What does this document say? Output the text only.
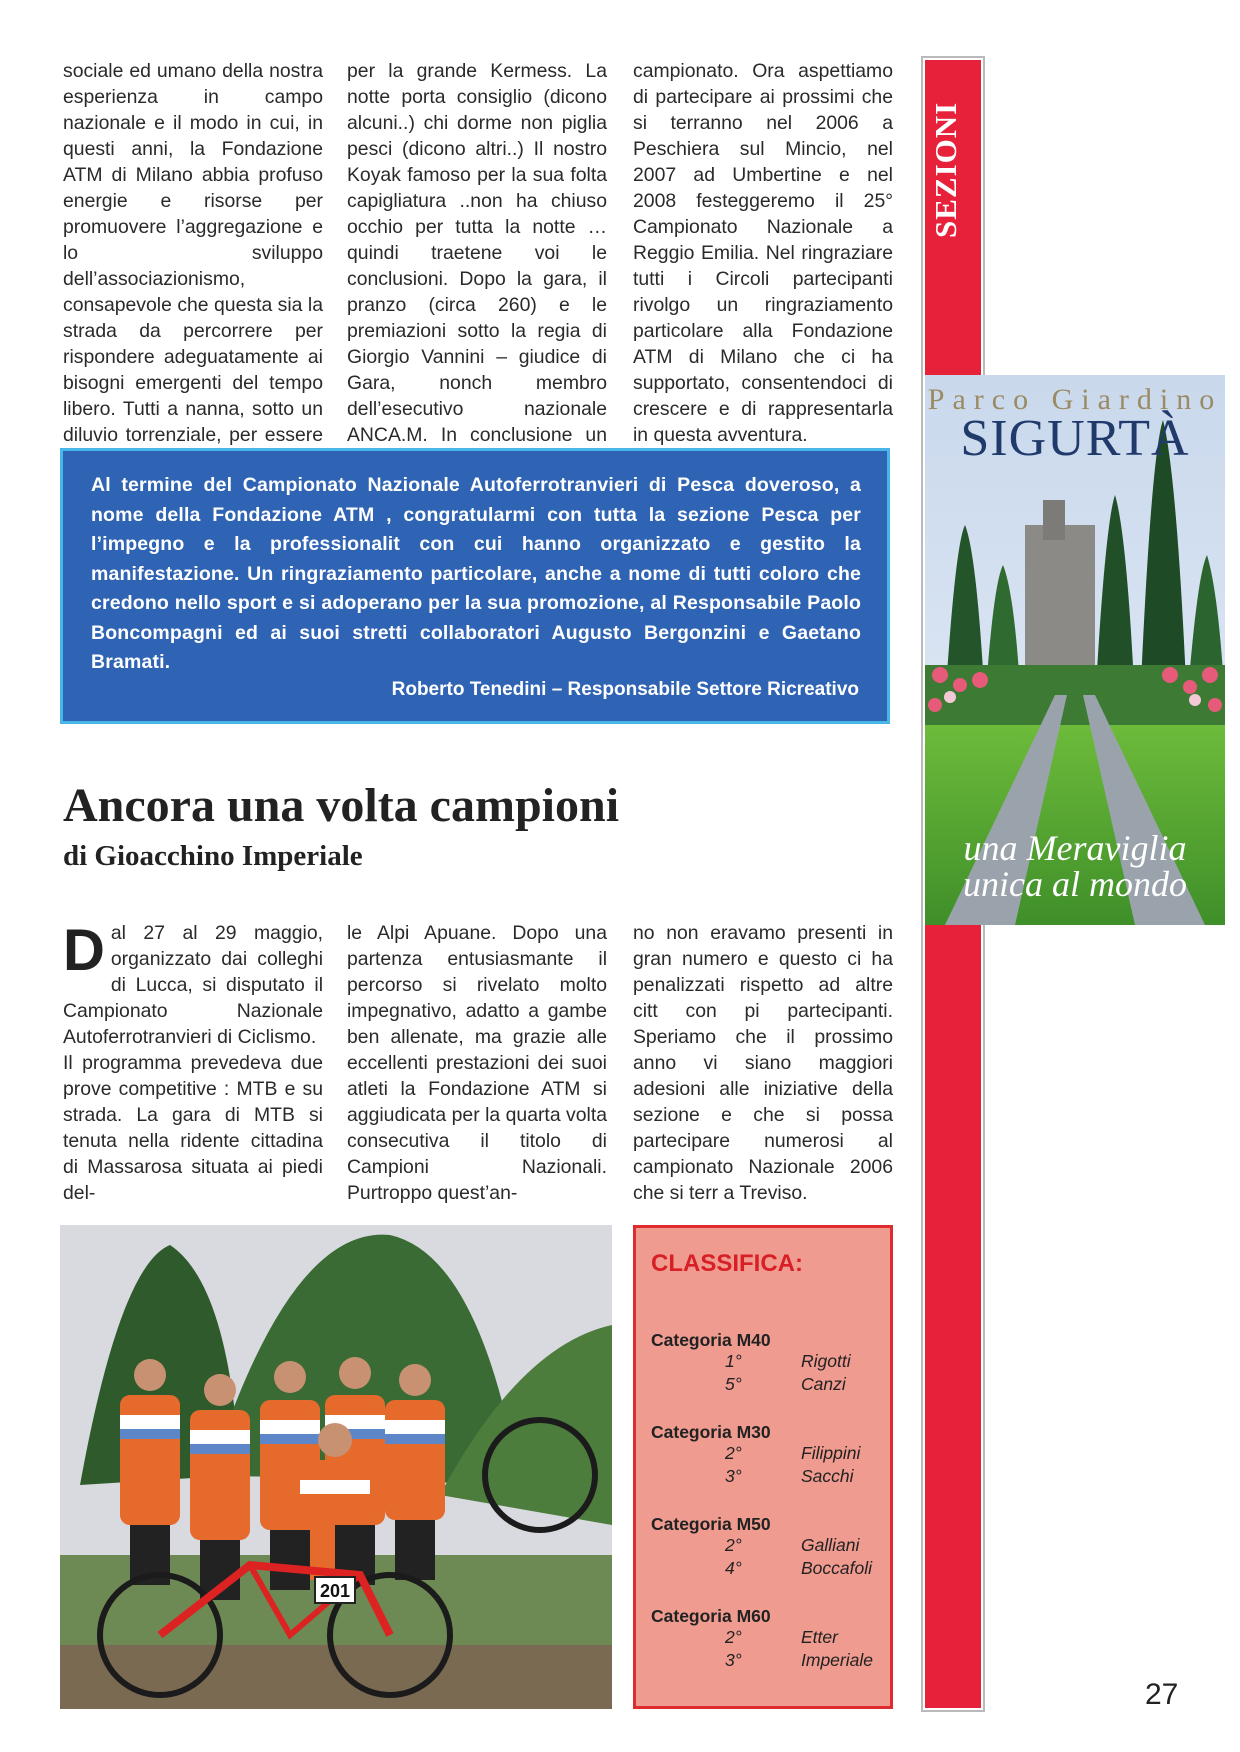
sociale ed umano della nostra esperienza in campo nazionale e il modo in cui, in questi anni, la Fondazione ATM di Milano abbia profuso energie e risorse per promuovere l’aggregazione e lo sviluppo dell’associazionismo, consapevole che questa sia la strada da percorrere per rispondere adeguatamente ai bisogni emergenti del tempo libero. Tutti a nanna, sotto un diluvio torrenziale, per essere

per la grande Kermess. La notte porta consiglio (dicono alcuni..) chi dorme non piglia pesci (dicono altri..) Il nostro Koyak famoso per la sua folta capigliatura ..non ha chiuso occhio per tutta la notte … quindi traetene voi le conclusioni. Dopo la gara, il pranzo (circa 260) e le premiazioni sotto la regia di Giorgio Vannini – giudice di Gara, nonch membro dell’esecutivo nazionale ANCA.M. In conclusione un

campionato. Ora aspettiamo di partecipare ai prossimi che si terranno nel 2006 a Peschiera sul Mincio, nel 2007 ad Umbertine e nel 2008 festeggeremo il 25° Campionato Nazionale a Reggio Emilia. Nel ringraziare tutti i Circoli partecipanti rivolgo un ringraziamento particolare alla Fondazione ATM di Milano che ci ha supportato, consentendoci di crescere e di rappresentarla in questa avventura.

Al termine del Campionato Nazionale Autoferrotranvieri di Pesca doveroso, a nome della Fondazione ATM , congratularmi con tutta la sezione Pesca per l’impegno e la professionalit con cui hanno organizzato e gestito la manifestazione. Un ringraziamento particolare, anche a nome di tutti coloro che credono nello sport e si adoperano per la sua promozione, al Responsabile Paolo Boncompagni ed ai suoi stretti collaboratori Augusto Bergonzini e Gaetano Bramati.
Roberto Tenedini – Responsabile Settore Ricreativo
Ancora una volta campioni
di Gioacchino Imperiale

Dal 27 al 29 maggio, organizzato dai colleghi di Lucca, si disputato il Campionato Nazionale Autoferrotranvieri di Ciclismo.

Il programma prevedeva due prove competitive : MTB e su strada. La gara di MTB si tenuta nella ridente cittadina di Massarosa situata ai piedi del-

le Alpi Apuane. Dopo una partenza entusiasmante il percorso si rivelato molto impegnativo, adatto a gambe ben allenate, ma grazie alle eccellenti prestazioni dei suoi atleti la Fondazione ATM si aggiudicata per la quarta volta consecutiva il titolo di Campioni Nazionali. Purtroppo quest’an-

no non eravamo presenti in gran numero e questo ci ha penalizzati rispetto ad altre citt con pi partecipanti. Speriamo che il prossimo anno vi siano maggiori adesioni alle iniziative della sezione e che si possa partecipare numerosi al campionato Nazionale 2006 che si terr a Treviso.

SEZIONI
Parco Giardino
SIGURTÀ
una Meraviglia unica al mondo
201
CLASSIFICA:
Categoria M40
1°	Rigotti
5°	Canzi
Categoria M30
2°	Filippini
3°	Sacchi
Categoria M50
2°	Galliani
4°	Boccafoli
Categoria M60
2°	Etter
3°	Imperiale
27
